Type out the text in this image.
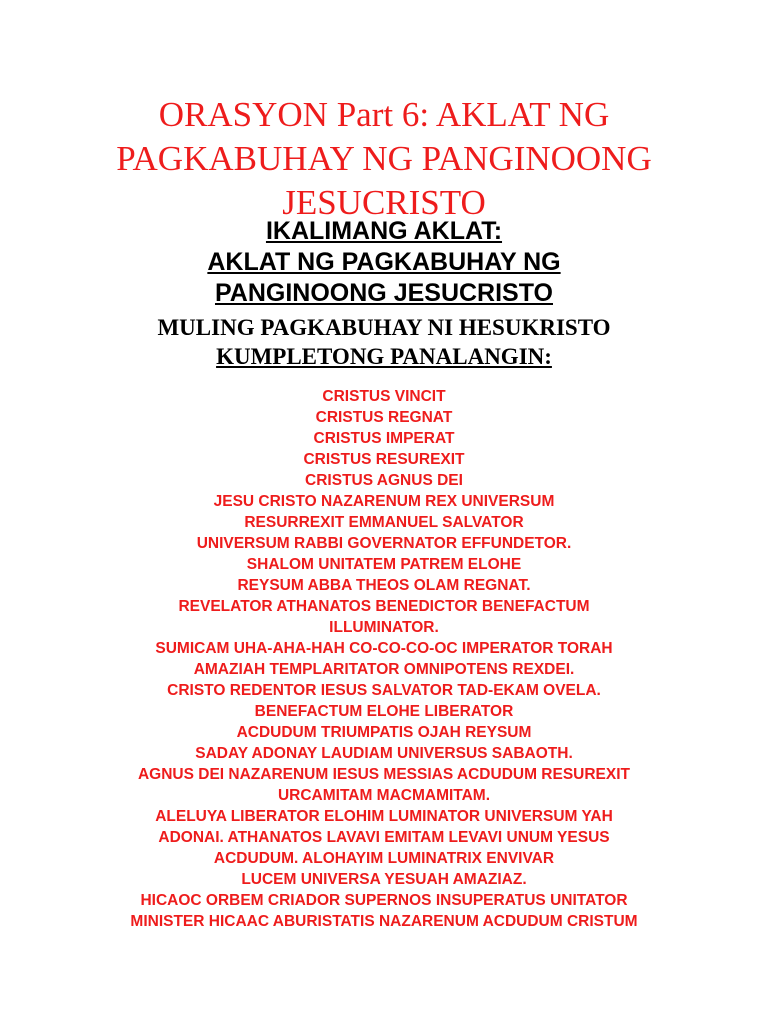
ORASYON Part 6: AKLAT NG
PAGKABUHAY NG PANGINOONG
JESUCRISTO
IKALIMANG AKLAT:
AKLAT NG PAGKABUHAY NG
PANGINOONG JESUCRISTO
MULING PAGKABUHAY NI HESUKRISTO
KUMPLETONG PANALANGIN:
CRISTUS VINCIT
CRISTUS REGNAT
CRISTUS IMPERAT
CRISTUS RESUREXIT
CRISTUS AGNUS DEI
JESU CRISTO NAZARENUM REX UNIVERSUM
RESURREXIT EMMANUEL SALVATOR
UNIVERSUM RABBI GOVERNATOR EFFUNDETOR.
SHALOM UNITATEM PATREM ELOHE
REYSUM ABBA THEOS OLAM REGNAT.
REVELATOR ATHANATOS BENEDICTOR BENEFACTUM
ILLUMINATOR.
SUMICAM UHA-AHA-HAH CO-CO-CO-OC IMPERATOR TORAH
AMAZIAH TEMPLARITATOR OMNIPOTENS REXDEI.
CRISTO REDENTOR IESUS SALVATOR TAD-EKAM OVELA.
BENEFACTUM ELOHE LIBERATOR
ACDUDUM TRIUMPATIS OJAH REYSUM
SADAY ADONAY LAUDIAM UNIVERSUS SABAOTH.
AGNUS DEI NAZARENUM IESUS MESSIAS ACDUDUM RESUREXIT
URCAMITAM MACMAMITAM.
ALELUYA LIBERATOR ELOHIM LUMINATOR UNIVERSUM YAH
ADONAI. ATHANATOS LAVAVI EMITAM LEVAVI UNUM YESUS
ACDUDUM. ALOHAYIM LUMINATRIX ENVIVAR
LUCEM UNIVERSA YESUAH AMAZIAZ.
HICAOC ORBEM CRIADOR SUPERNOS INSUPERATUS UNITATOR
MINISTER HICAAC ABURISTATIS NAZARENUM ACDUDUM CRISTUM
